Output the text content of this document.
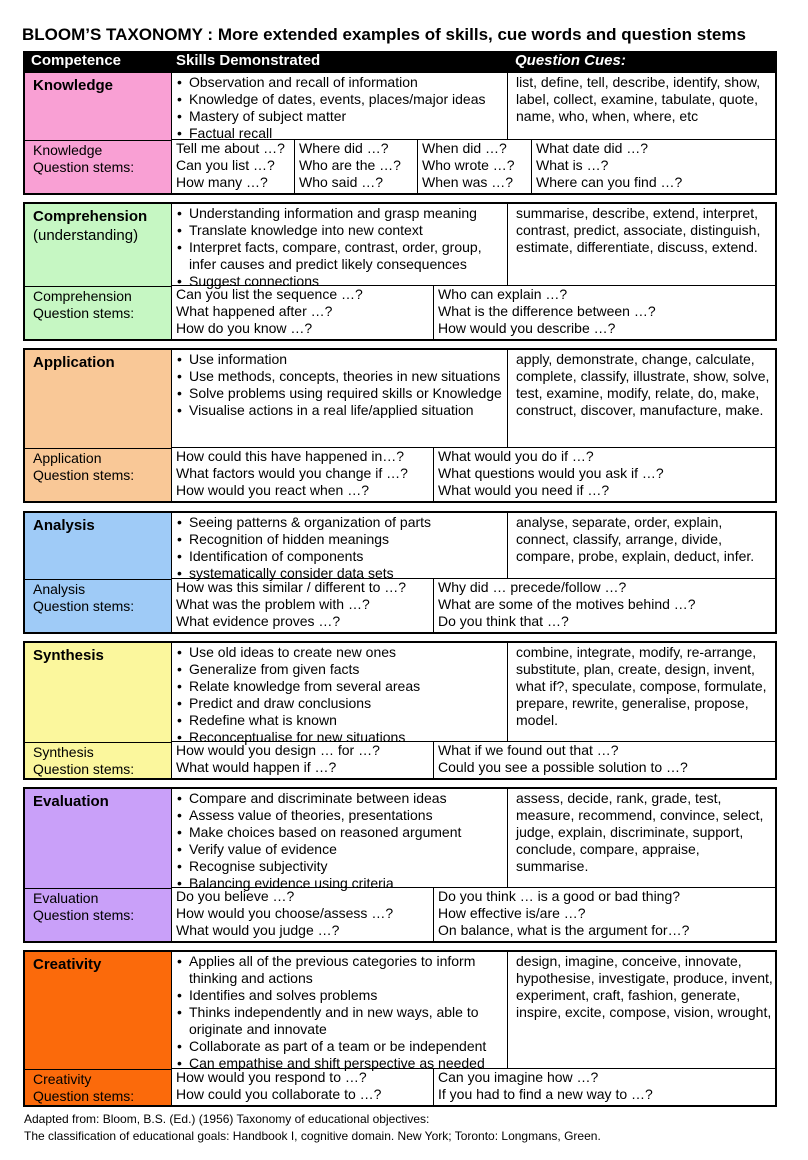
BLOOM’S TAXONOMY : More extended examples of skills, cue words and question stems
Competence	Skills Demonstrated	Question Cues:
Knowledge
Knowledge
Question stems:
• Observation and recall of information
• Knowledge of dates, events, places/major ideas
• Mastery of subject matter
• Factual recall
list, define, tell, describe, identify, show, label, collect, examine, tabulate, quote, name, who, when, where, etc
Tell me about …?
Can you list …?
How many …?
Where did …?
Who are the …?
Who said …?
When did …?
Who wrote …?
When was …?
What date did …?
What is …?
Where can you find …?
Comprehension
(understanding)
Comprehension
Question stems:
• Understanding information and grasp meaning
• Translate knowledge into new context
• Interpret facts, compare, contrast, order, group, infer causes and predict likely consequences
• Suggest connections
summarise, describe, extend, interpret, contrast, predict, associate, distinguish, estimate, differentiate, discuss, extend.
Can you list the sequence …?
What happened after …?
How do you know …?
Who can explain …?
What is the difference between …?
How would you describe …?
Application
Application
Question stems:
• Use information
• Use methods, concepts, theories in new situations
• Solve problems using required skills or Knowledge
• Visualise actions in a real life/applied situation
apply, demonstrate, change, calculate, complete, classify, illustrate, show, solve, test, examine, modify, relate, do, make, construct, discover, manufacture, make.
How could this have happened in…?
What factors would you change if …?
How would you react when …?
What would you do if …?
What questions would you ask if …?
What would you need if …?
Analysis
Analysis
Question stems:
• Seeing patterns & organization of parts
• Recognition of hidden meanings
• Identification of components
• systematically consider data sets
analyse, separate, order, explain, connect, classify, arrange, divide, compare, probe, explain, deduct, infer.
How was this similar / different to …?
What was the problem with …?
What evidence proves …?
Why did … precede/follow …?
What are some of the motives behind …?
Do you think that …?
Synthesis
Synthesis
Question stems:
• Use old ideas to create new ones
• Generalize from given facts
• Relate knowledge from several areas
• Predict and draw conclusions
• Redefine what is known
• Reconceptualise for new situations
combine, integrate, modify, re-arrange, substitute, plan, create, design, invent, what if?, speculate, compose, formulate, prepare, rewrite, generalise, propose, model.
How would you design … for …?
What would happen if …?
What if we found out that …?
Could you see a possible solution to …?
Evaluation
Evaluation
Question stems:
• Compare and discriminate between ideas
• Assess value of theories, presentations
• Make choices based on reasoned argument
• Verify value of evidence
• Recognise subjectivity
• Balancing evidence using criteria
assess, decide, rank, grade, test, measure, recommend, convince, select, judge, explain, discriminate, support, conclude, compare, appraise, summarise.
Do you believe …?
How would you choose/assess …?
What would you judge …?
Do you think … is a good or bad thing?
How effective is/are …?
On balance, what is the argument for…?
Creativity
Creativity
Question stems:
• Applies all of the previous categories to inform thinking and actions
• Identifies and solves problems
• Thinks independently and in new ways, able to originate and innovate
• Collaborate as part of a team or be independent
• Can empathise and shift perspective as needed
design, imagine, conceive, innovate, hypothesise, investigate, produce, invent, experiment, craft, fashion, generate, inspire, excite, compose, vision, wrought,
How would you respond to …?
How could you collaborate to …?
Can you imagine how …?
If you had to find a new way to …?
Adapted from: Bloom, B.S. (Ed.) (1956) Taxonomy of educational objectives:
The classification of educational goals: Handbook I, cognitive domain. New York; Toronto: Longmans, Green.
